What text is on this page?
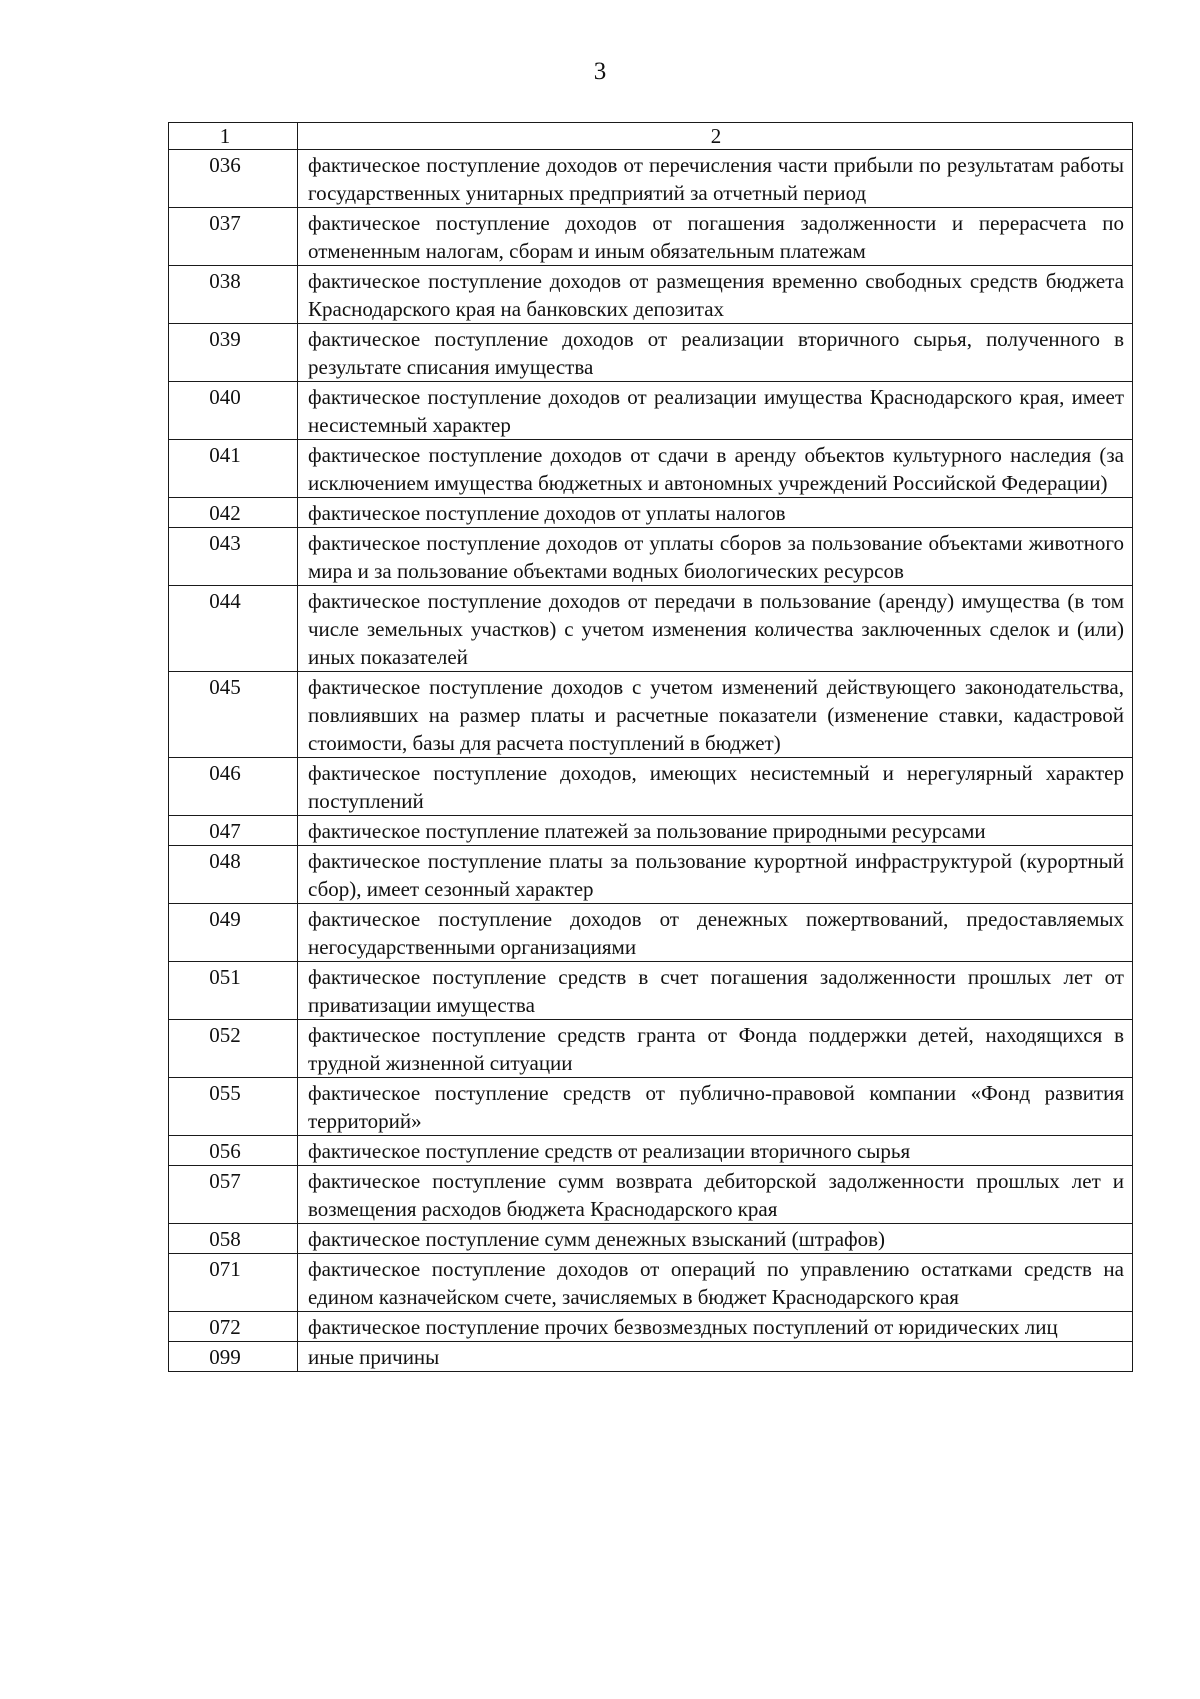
3
1	2
036	фактическое поступление доходов от перечисления части прибыли по результатам работы государственных унитарных предприятий за отчетный период
037	фактическое поступление доходов от погашения задолженности и перерасчета по отмененным налогам, сборам и иным обязательным платежам
038	фактическое поступление доходов от размещения временно свободных средств бюджета Краснодарского края на банковских депозитах
039	фактическое поступление доходов от реализации вторичного сырья, полученного в результате списания имущества
040	фактическое поступление доходов от реализации имущества Краснодарского края, имеет несистемный характер
041	фактическое поступление доходов от сдачи в аренду объектов культурного наследия (за исключением имущества бюджетных и автономных учреждений Российской Федерации)
042	фактическое поступление доходов от уплаты налогов
043	фактическое поступление доходов от уплаты сборов за пользование объектами животного мира и за пользование объектами водных биологических ресурсов
044	фактическое поступление доходов от передачи в пользование (аренду) имущества (в том числе земельных участков) с учетом изменения количества заключенных сделок и (или) иных показателей
045	фактическое поступление доходов с учетом изменений действующего законодательства, повлиявших на размер платы и расчетные показатели (изменение ставки, кадастровой стоимости, базы для расчета поступлений в бюджет)
046	фактическое поступление доходов, имеющих несистемный и нерегулярный характер поступлений
047	фактическое поступление платежей за пользование природными ресурсами
048	фактическое поступление платы за пользование курортной инфраструктурой (курортный сбор), имеет сезонный характер
049	фактическое поступление доходов от денежных пожертвований, предоставляемых негосударственными организациями
051	фактическое поступление средств в счет погашения задолженности прошлых лет от приватизации имущества
052	фактическое поступление средств гранта от Фонда поддержки детей, находящихся в трудной жизненной ситуации
055	фактическое поступление средств от публично-правовой компании «Фонд развития территорий»
056	фактическое поступление средств от реализации вторичного сырья
057	фактическое поступление сумм возврата дебиторской задолженности прошлых лет и возмещения расходов бюджета Краснодарского края
058	фактическое поступление сумм денежных взысканий (штрафов)
071	фактическое поступление доходов от операций по управлению остатками средств на едином казначейском счете, зачисляемых в бюджет Краснодарского края
072	фактическое поступление прочих безвозмездных поступлений от юридических лиц
099	иные причины
